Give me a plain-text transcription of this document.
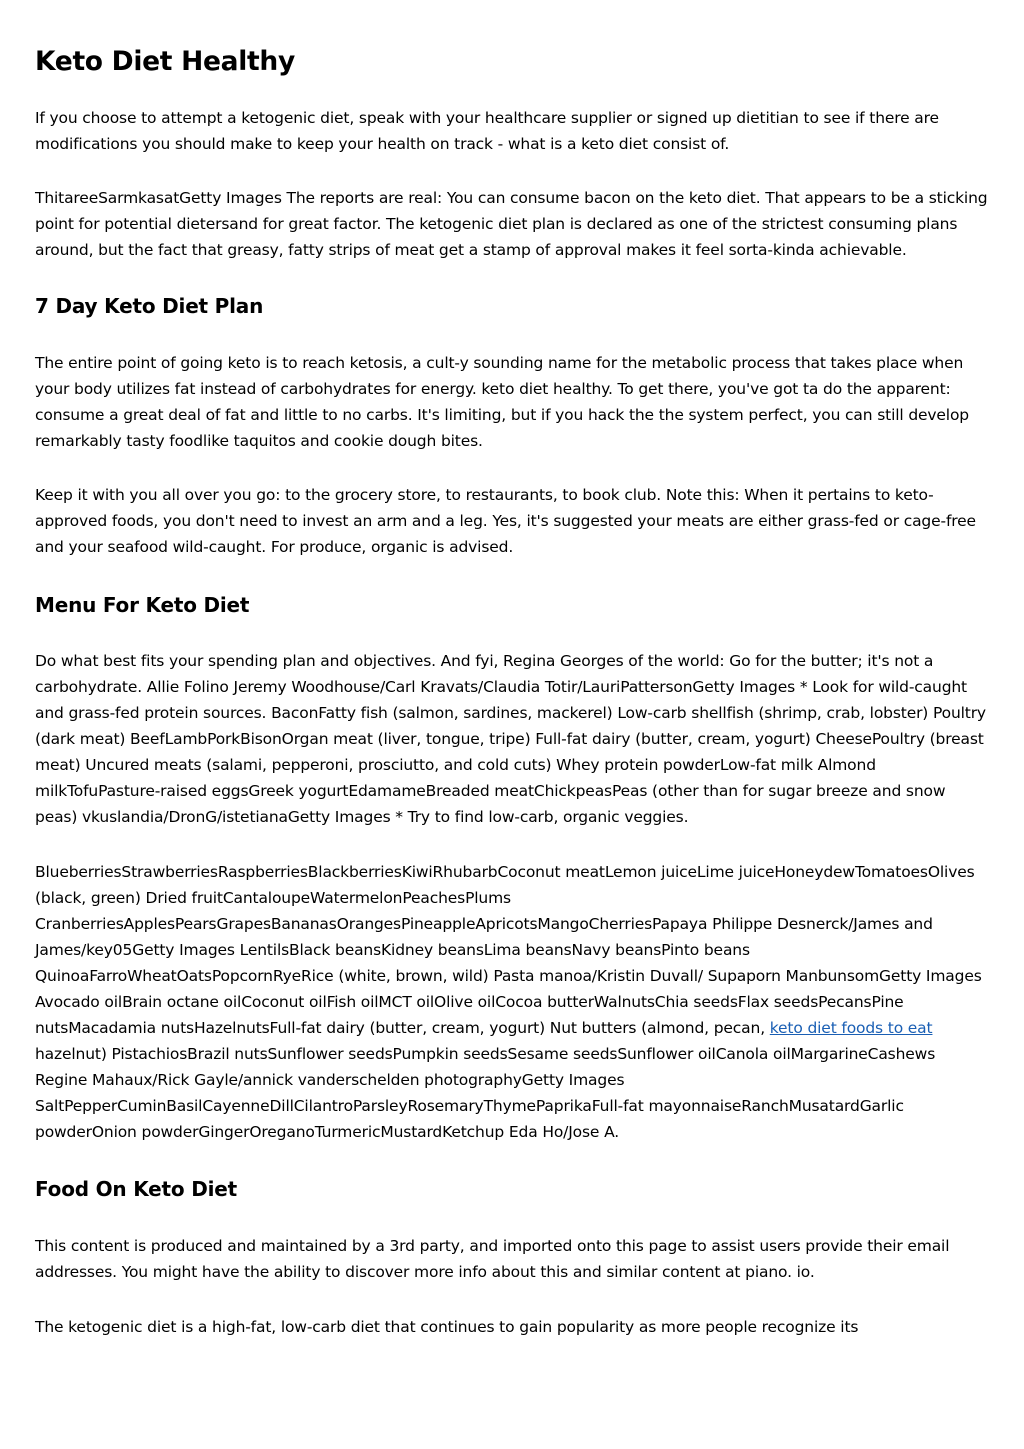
Keto Diet Healthy

If you choose to attempt a ketogenic diet, speak with your healthcare supplier or signed up dietitian to see if there are modifications you should make to keep your health on track - what is a keto diet consist of.

ThitareeSarmkasatGetty Images The reports are real: You can consume bacon on the keto diet. That appears to be a sticking point for potential dietersand for great factor. The ketogenic diet plan is declared as one of the strictest consuming plans around, but the fact that greasy, fatty strips of meat get a stamp of approval makes it feel sorta-kinda achievable.

7 Day Keto Diet Plan

The entire point of going keto is to reach ketosis, a cult-y sounding name for the metabolic process that takes place when your body utilizes fat instead of carbohydrates for energy. keto diet healthy. To get there, you've got ta do the apparent: consume a great deal of fat and little to no carbs. It's limiting, but if you hack the the system perfect, you can still develop remarkably tasty foodlike taquitos and cookie dough bites.

Keep it with you all over you go: to the grocery store, to restaurants, to book club. Note this: When it pertains to keto-approved foods, you don't need to invest an arm and a leg. Yes, it's suggested your meats are either grass-fed or cage-free and your seafood wild-caught. For produce, organic is advised.

Menu For Keto Diet

Do what best fits your spending plan and objectives. And fyi, Regina Georges of the world: Go for the butter; it's not a carbohydrate. Allie Folino Jeremy Woodhouse/Carl Kravats/Claudia Totir/LauriPattersonGetty Images * Look for wild-caught and grass-fed protein sources. BaconFatty fish (salmon, sardines, mackerel) Low-carb shellfish (shrimp, crab, lobster) Poultry (dark meat) BeefLambPorkBisonOrgan meat (liver, tongue, tripe) Full-fat dairy (butter, cream, yogurt) CheesePoultry (breast meat) Uncured meats (salami, pepperoni, prosciutto, and cold cuts) Whey protein powderLow-fat milk Almond milkTofuPasture-raised eggsGreek yogurtEdamameBreaded meatChickpeasPeas (other than for sugar breeze and snow peas) vkuslandia/DronG/istetianaGetty Images * Try to find low-carb, organic veggies.

BlueberriesStrawberriesRaspberriesBlackberriesKiwiRhubarbCoconut meatLemon juiceLime juiceHoneydewTomatoesOlives (black, green) Dried fruitCantaloupeWatermelonPeachesPlums CranberriesApplesPearsGrapesBananasOrangesPineappleApricotsMangoCherriesPapaya Philippe Desnerck/James and James/key05Getty Images LentilsBlack beansKidney beansLima beansNavy beansPinto beans QuinoaFarroWheatOatsPopcornRyeRice (white, brown, wild) Pasta manoa/Kristin Duvall/ Supaporn ManbunsomGetty Images Avocado oilBrain octane oilCoconut oilFish oilMCT oilOlive oilCocoa butterWalnutsChia seedsFlax seedsPecansPine nutsMacadamia nutsHazelnutsFull-fat dairy (butter, cream, yogurt) Nut butters (almond, pecan, keto diet foods to eat hazelnut) PistachiosBrazil nutsSunflower seedsPumpkin seedsSesame seedsSunflower oilCanola oilMargarineCashews Regine Mahaux/Rick Gayle/annick vanderschelden photographyGetty Images SaltPepperCuminBasilCayenneDillCilantroParsleyRosemaryThymePaprikaFull-fat mayonnaiseRanchMusatardGarlic powderOnion powderGingerOreganoTurmericMustardKetchup Eda Ho/Jose A.

Food On Keto Diet

This content is produced and maintained by a 3rd party, and imported onto this page to assist users provide their email addresses. You might have the ability to discover more info about this and similar content at piano. io.

The ketogenic diet is a high-fat, low-carb diet that continues to gain popularity as more people recognize its
